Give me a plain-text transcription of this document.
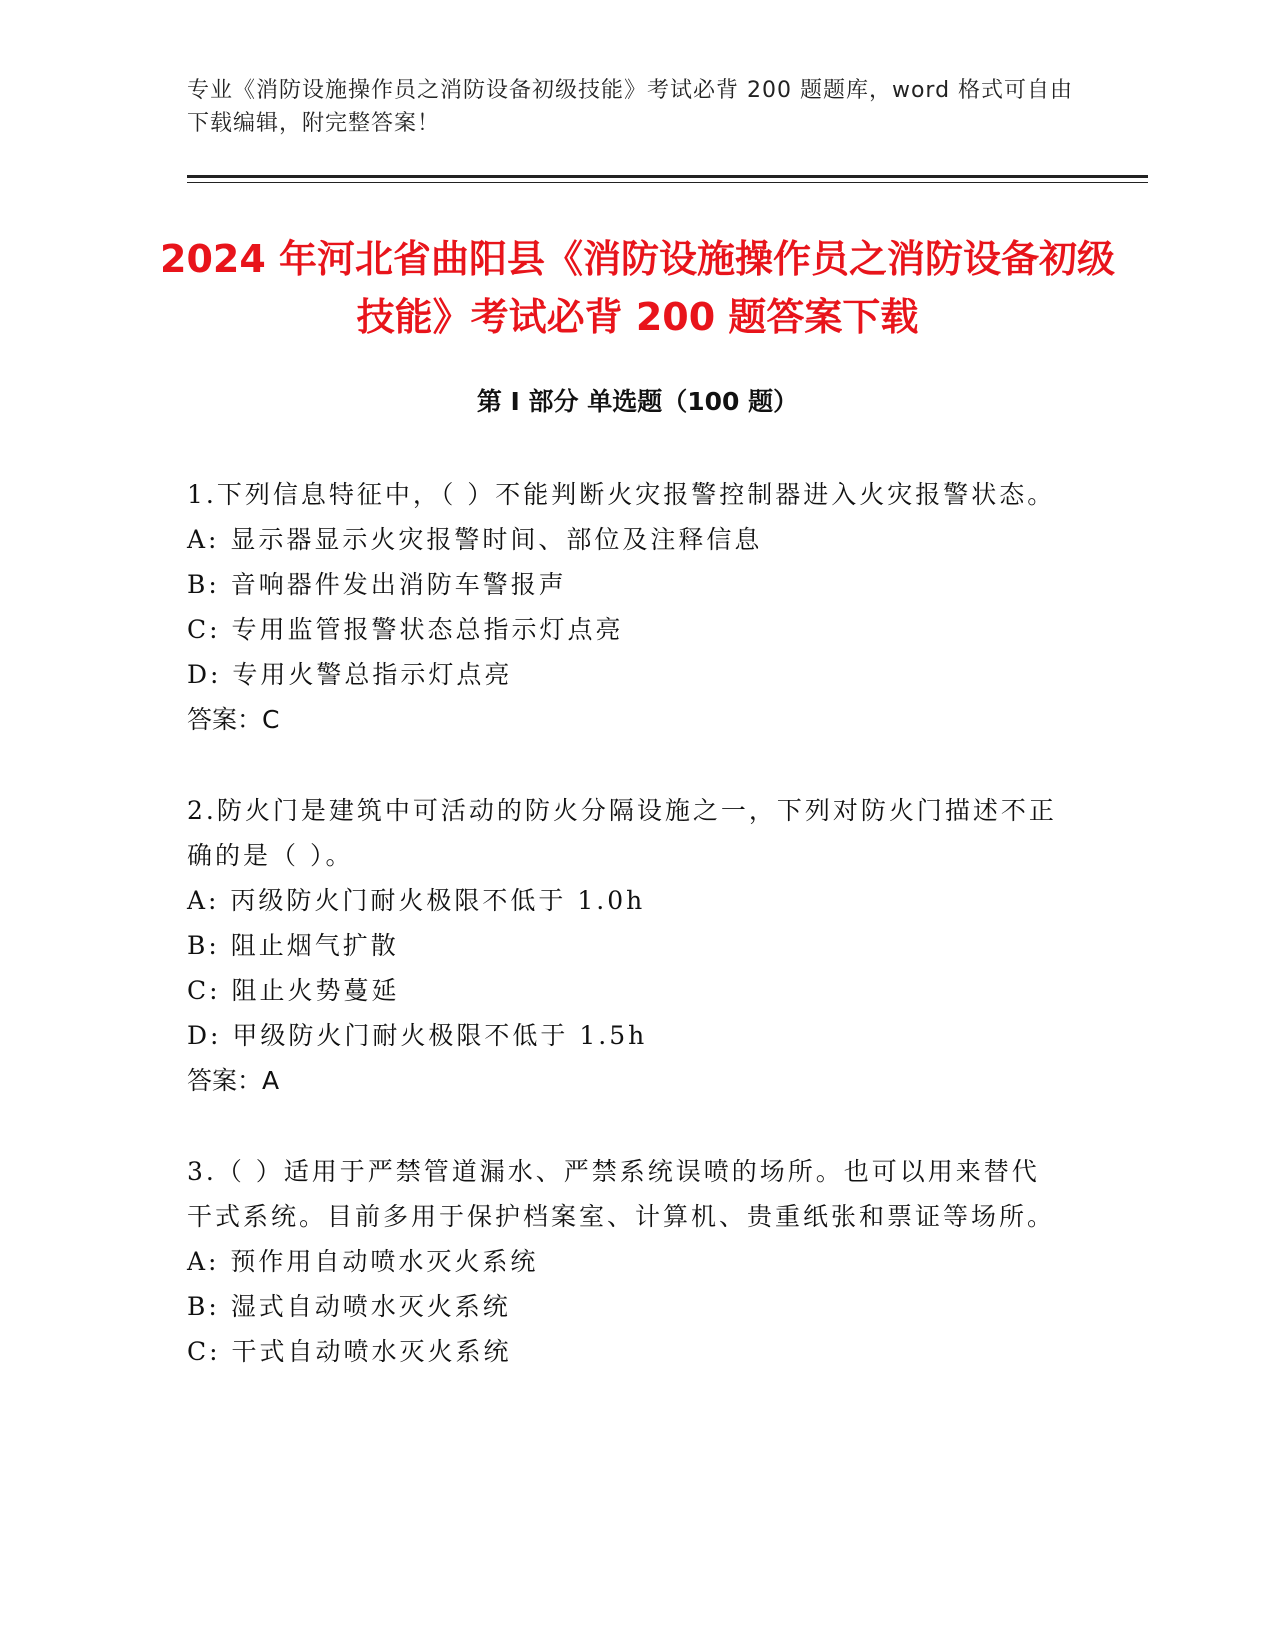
专业《消防设施操作员之消防设备初级技能》考试必背 200 题题库，word 格式可自由下载编辑，附完整答案！
2024 年河北省曲阳县《消防设施操作员之消防设备初级技能》考试必背 200 题答案下载
第 I 部分 单选题（100 题）

1.下列信息特征中，（ ）不能判断火灾报警控制器进入火灾报警状态。

A: 显示器显示火灾报警时间、部位及注释信息

B: 音响器件发出消防车警报声

C: 专用监管报警状态总指示灯点亮

D: 专用火警总指示灯点亮

答案：C

2.防火门是建筑中可活动的防火分隔设施之一，下列对防火门描述不正确的是（ ）。

A: 丙级防火门耐火极限不低于 1.0h

B: 阻止烟气扩散

C: 阻止火势蔓延

D: 甲级防火门耐火极限不低于 1.5h

答案：A

3.（ ）适用于严禁管道漏水、严禁系统误喷的场所。也可以用来替代干式系统。目前多用于保护档案室、计算机、贵重纸张和票证等场所。

A: 预作用自动喷水灭火系统

B: 湿式自动喷水灭火系统

C: 干式自动喷水灭火系统
